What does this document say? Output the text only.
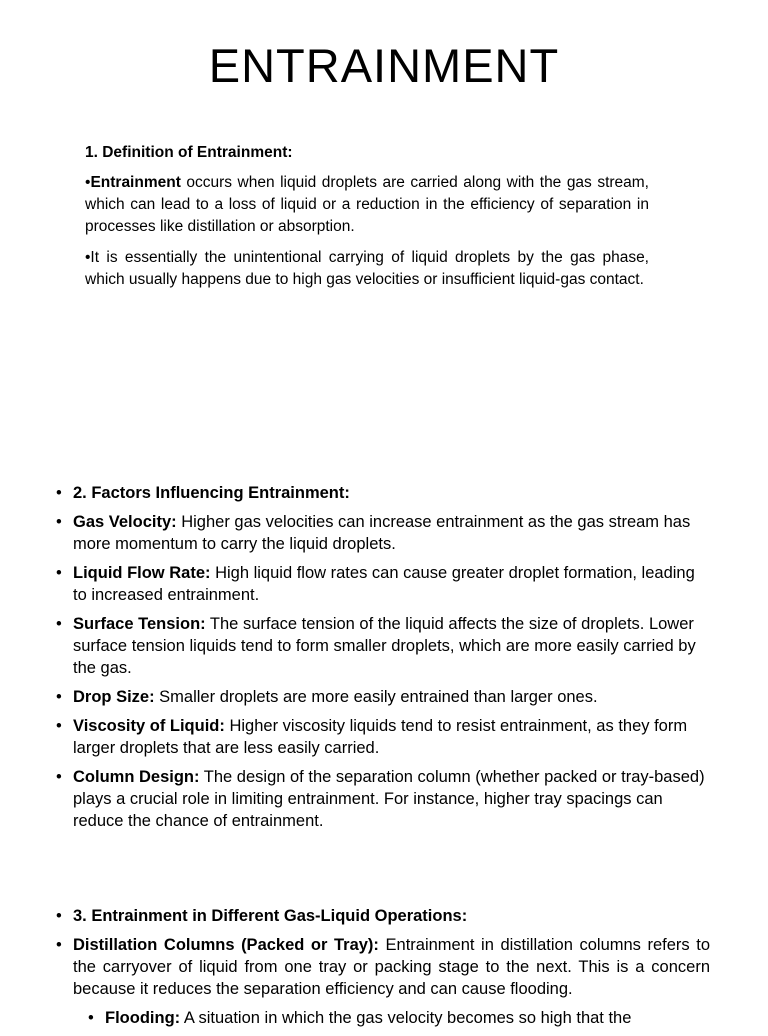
ENTRAINMENT
1. Definition of Entrainment:

•Entrainment occurs when liquid droplets are carried along with the gas stream, which can lead to a loss of liquid or a reduction in the efficiency of separation in processes like distillation or absorption.

•It is essentially the unintentional carrying of liquid droplets by the gas phase, which usually happens due to high gas velocities or insufficient liquid-gas contact.

• 2. Factors Influencing Entrainment:
• Gas Velocity: Higher gas velocities can increase entrainment as the gas stream has more momentum to carry the liquid droplets.
• Liquid Flow Rate: High liquid flow rates can cause greater droplet formation, leading to increased entrainment.
• Surface Tension: The surface tension of the liquid affects the size of droplets. Lower surface tension liquids tend to form smaller droplets, which are more easily carried by the gas.
• Drop Size: Smaller droplets are more easily entrained than larger ones.
• Viscosity of Liquid: Higher viscosity liquids tend to resist entrainment, as they form larger droplets that are less easily carried.
• Column Design: The design of the separation column (whether packed or tray-based) plays a crucial role in limiting entrainment. For instance, higher tray spacings can reduce the chance of entrainment.
• 3. Entrainment in Different Gas-Liquid Operations:
• Distillation Columns (Packed or Tray): Entrainment in distillation columns refers to the carryover of liquid from one tray or packing stage to the next. This is a concern because it reduces the separation efficiency and can cause flooding.
• Flooding: A situation in which the gas velocity becomes so high that the
